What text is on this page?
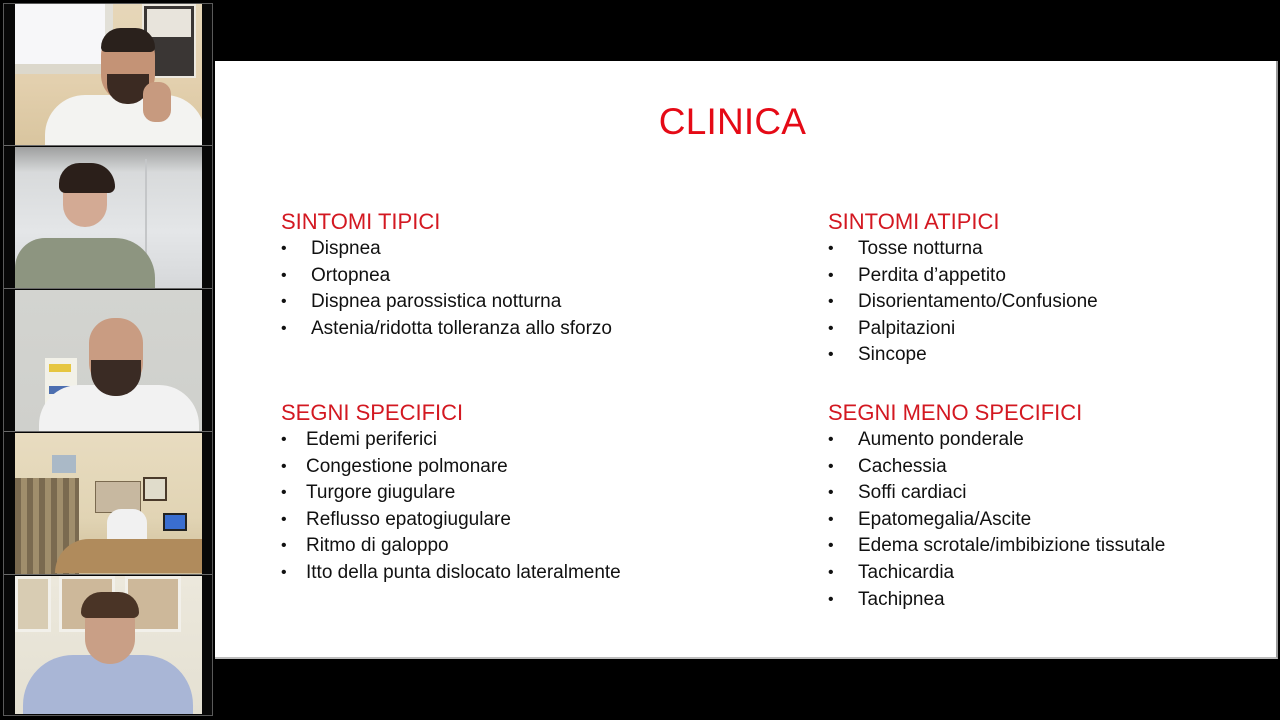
CLINICA
SINTOMI TIPICI
• Dispnea
• Ortopnea
• Dispnea parossistica notturna
• Astenia/ridotta tolleranza allo sforzo
SEGNI SPECIFICI
• Edemi periferici
• Congestione polmonare
• Turgore giugulare
• Reflusso epatogiugulare
• Ritmo di galoppo
• Itto della punta dislocato lateralmente
SINTOMI ATIPICI
• Tosse notturna
• Perdita d’appetito
• Disorientamento/Confusione
• Palpitazioni
• Sincope
SEGNI MENO SPECIFICI
• Aumento ponderale
• Cachessia
• Soffi cardiaci
• Epatomegalia/Ascite
• Edema scrotale/imbibizione tissutale
• Tachicardia
• Tachipnea
